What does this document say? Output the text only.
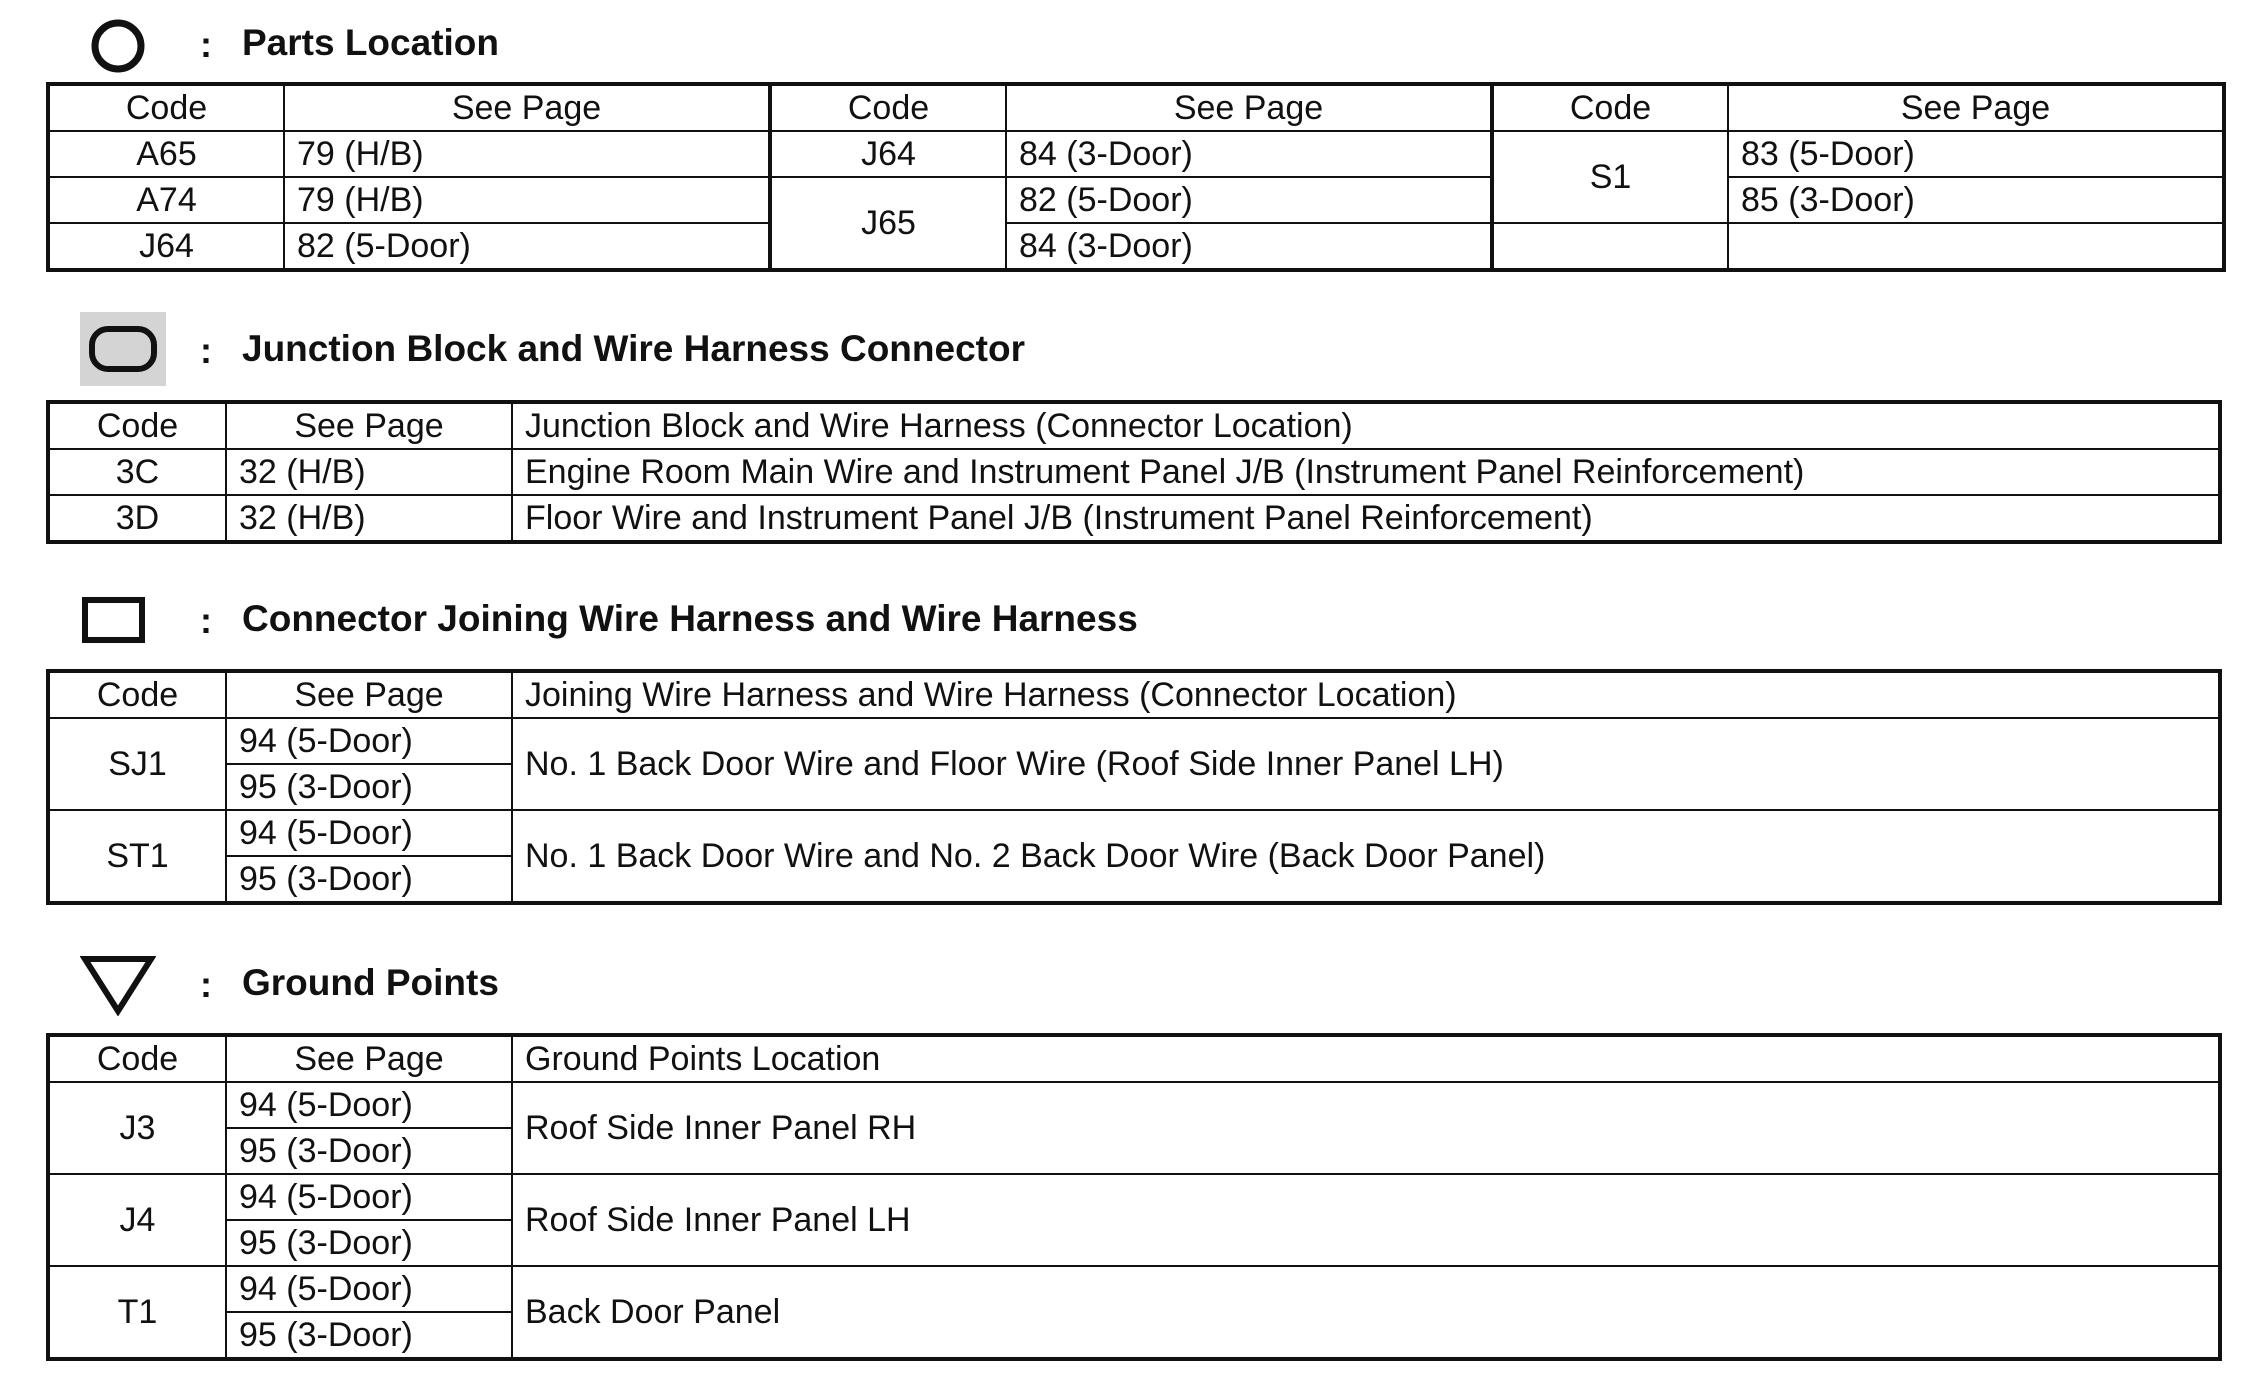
: Parts Location
Code	See Page	Code	See Page	Code	See Page
A65	79 (H/B)	J64	84 (3-Door)	S1	83 (5-Door)
A74	79 (H/B)	J65	82 (5-Door)		85 (3-Door)
J64	82 (5-Door)		84 (3-Door)		
: Junction Block and Wire Harness Connector
Code	See Page	Junction Block and Wire Harness (Connector Location)
3C	32 (H/B)	Engine Room Main Wire and Instrument Panel J/B (Instrument Panel Reinforcement)
3D	32 (H/B)	Floor Wire and Instrument Panel J/B (Instrument Panel Reinforcement)
: Connector Joining Wire Harness and Wire Harness
Code	See Page	Joining Wire Harness and Wire Harness (Connector Location)
SJ1	94 (5-Door)	No. 1 Back Door Wire and Floor Wire (Roof Side Inner Panel LH)
	95 (3-Door)	
ST1	94 (5-Door)	No. 1 Back Door Wire and No. 2 Back Door Wire (Back Door Panel)
	95 (3-Door)	
: Ground Points
Code	See Page	Ground Points Location
J3	94 (5-Door)	Roof Side Inner Panel RH
	95 (3-Door)	
J4	94 (5-Door)	Roof Side Inner Panel LH
	95 (3-Door)	
T1	94 (5-Door)	Back Door Panel
	95 (3-Door)	
